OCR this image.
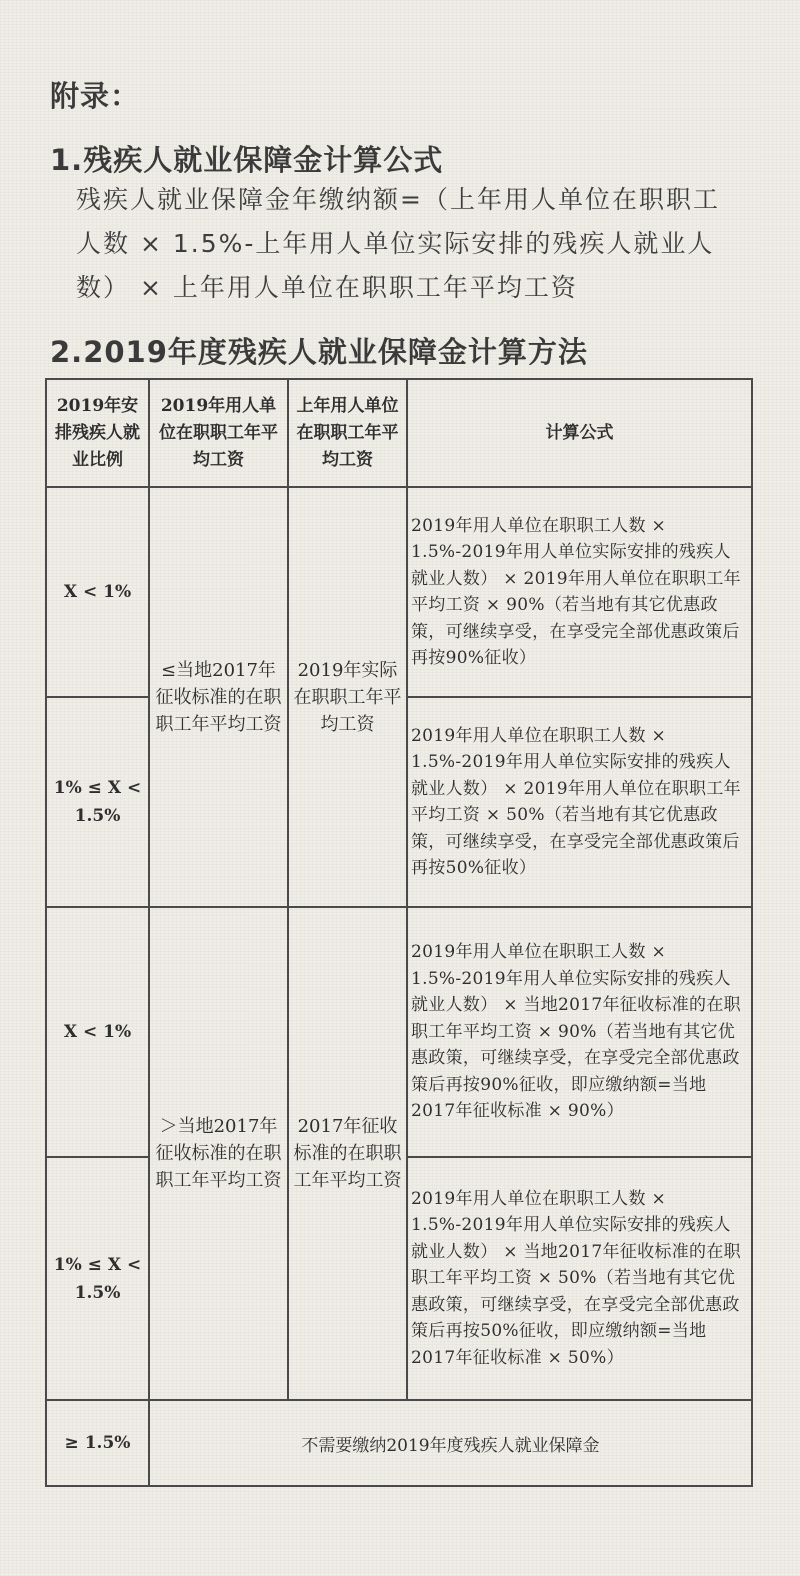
附录：
1.残疾人就业保障金计算公式
残疾人就业保障金年缴纳额=（上年用人单位在职职工人数 × 1.5%-上年用人单位实际安排的残疾人就业人数） × 上年用人单位在职职工年平均工资
2.2019年度残疾人就业保障金计算方法
2019年安排残疾人就业比例	2019年用人单位在职职工年平均工资	上年用人单位在职职工年平均工资	计算公式
X < 1%	≤当地2017年征收标准的在职职工年平均工资	2019年实际在职职工年平均工资	2019年用人单位在职职工人数 × 1.5%-2019年用人单位实际安排的残疾人就业人数） × 2019年用人单位在职职工年平均工资 × 90%（若当地有其它优惠政策，可继续享受，在享受完全部优惠政策后再按90%征收）
1% ≤ X < 1.5%			2019年用人单位在职职工人数 × 1.5%-2019年用人单位实际安排的残疾人就业人数） × 2019年用人单位在职职工年平均工资 × 50%（若当地有其它优惠政策，可继续享受，在享受完全部优惠政策后再按50%征收）
X < 1%	＞当地2017年征收标准的在职职工年平均工资	2017年征收标准的在职职工年平均工资	2019年用人单位在职职工人数 × 1.5%-2019年用人单位实际安排的残疾人就业人数） × 当地2017年征收标准的在职职工年平均工资 × 90%（若当地有其它优惠政策，可继续享受，在享受完全部优惠政策后再按90%征收，即应缴纳额=当地2017年征收标准 × 90%）
1% ≤ X < 1.5%			2019年用人单位在职职工人数 × 1.5%-2019年用人单位实际安排的残疾人就业人数） × 当地2017年征收标准的在职职工年平均工资 × 50%（若当地有其它优惠政策，可继续享受，在享受完全部优惠政策后再按50%征收，即应缴纳额=当地2017年征收标准 × 50%）
≥ 1.5%	不需要缴纳2019年度残疾人就业保障金		
